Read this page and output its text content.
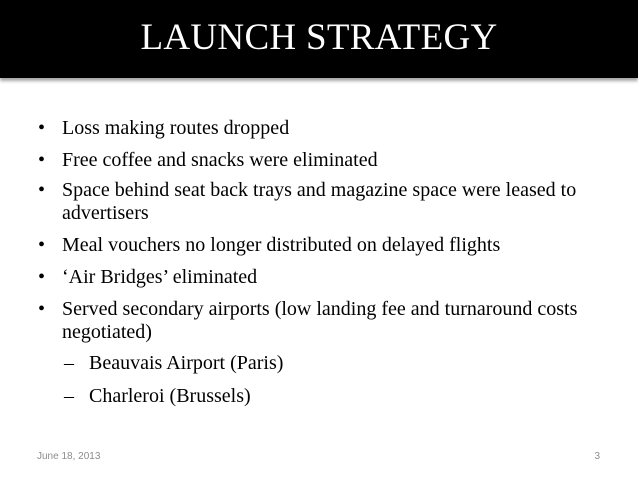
LAUNCH STRATEGY
• Loss making routes dropped
• Free coffee and snacks were eliminated
• Space behind seat back trays and magazine space were leased to advertisers
• Meal vouchers no longer distributed on delayed flights
• ‘Air Bridges’ eliminated
• Served secondary airports (low landing fee and turnaround costs negotiated)
– Beauvais Airport (Paris)
– Charleroi (Brussels)
June 18, 2013	3
